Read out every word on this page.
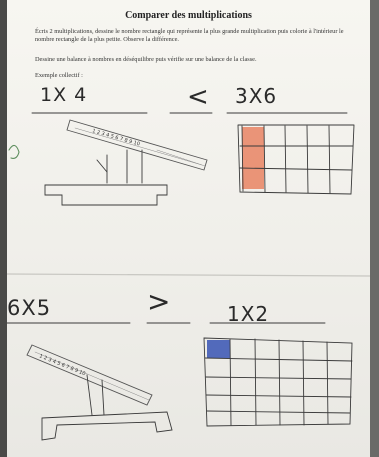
Comparer des multiplications
Écris 2 multiplications, dessine le nombre rectangle qui représente la plus grande multiplication puis colorie à l'intérieur le nombre rectangle de la plus petite. Observe la différence.
Dessine une balance à nombres en déséquilibre puis vérifie sur une balance de la classe.
Exemple collectif :
1X 4	< 3X6
6X5	>	1X2
1 2 3 4 5 6 7 8 9 10
1 2 3 4 5 6 7 8 9 10
